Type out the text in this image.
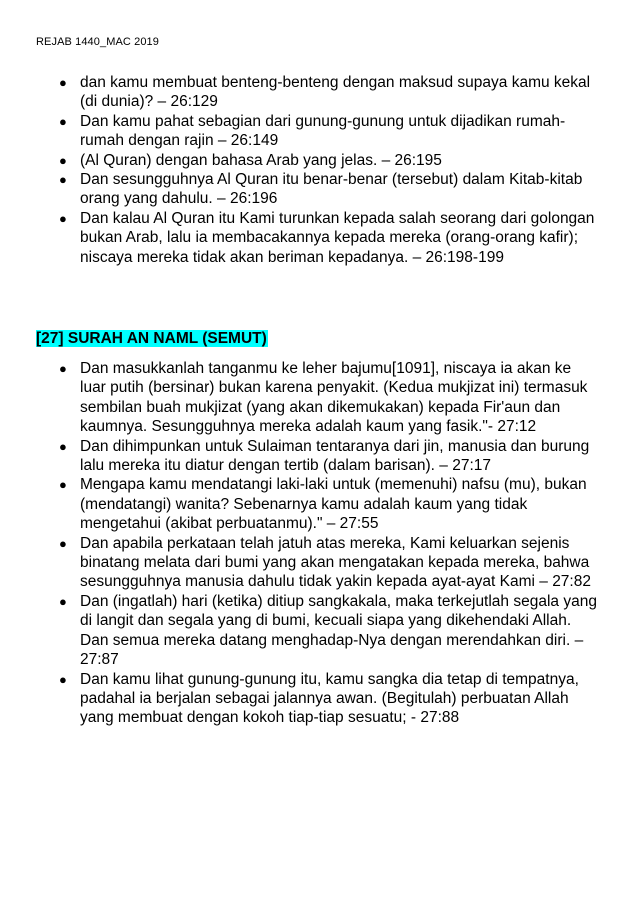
REJAB 1440_MAC 2019
● dan kamu membuat benteng-benteng dengan maksud supaya kamu kekal (di dunia)? – 26:129
● Dan kamu pahat sebagian dari gunung-gunung untuk dijadikan rumah-rumah dengan rajin – 26:149
● (Al Quran) dengan bahasa Arab yang jelas. – 26:195
● Dan sesungguhnya Al Quran itu benar-benar (tersebut) dalam Kitab-kitab orang yang dahulu. – 26:196
● Dan kalau Al Quran itu Kami turunkan kepada salah seorang dari golongan bukan Arab, lalu ia membacakannya kepada mereka (orang-orang kafir); niscaya mereka tidak akan beriman kepadanya. – 26:198-199
[27] SURAH AN NAML (SEMUT)
● Dan masukkanlah tanganmu ke leher bajumu[1091], niscaya ia akan ke luar putih (bersinar) bukan karena penyakit. (Kedua mukjizat ini) termasuk sembilan buah mukjizat (yang akan dikemukakan) kepada Fir'aun dan kaumnya. Sesungguhnya mereka adalah kaum yang fasik."- 27:12
● Dan dihimpunkan untuk Sulaiman tentaranya dari jin, manusia dan burung lalu mereka itu diatur dengan tertib (dalam barisan). – 27:17
● Mengapa kamu mendatangi laki-laki untuk (memenuhi) nafsu (mu), bukan (mendatangi) wanita? Sebenarnya kamu adalah kaum yang tidak mengetahui (akibat perbuatanmu)." – 27:55
● Dan apabila perkataan telah jatuh atas mereka, Kami keluarkan sejenis binatang melata dari bumi yang akan mengatakan kepada mereka, bahwa sesungguhnya manusia dahulu tidak yakin kepada ayat-ayat Kami – 27:82
● Dan (ingatlah) hari (ketika) ditiup sangkakala, maka terkejutlah segala yang di langit dan segala yang di bumi, kecuali siapa yang dikehendaki Allah. Dan semua mereka datang menghadap-Nya dengan merendahkan diri. – 27:87
● Dan kamu lihat gunung-gunung itu, kamu sangka dia tetap di tempatnya, padahal ia berjalan sebagai jalannya awan. (Begitulah) perbuatan Allah yang membuat dengan kokoh tiap-tiap sesuatu; - 27:88
